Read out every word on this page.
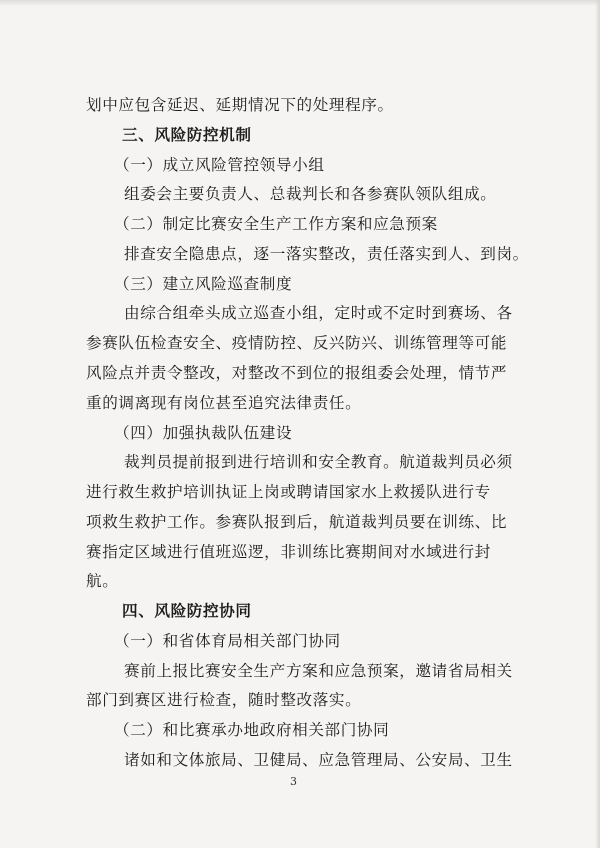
划中应包含延迟、延期情况下的处理程序。
三、风险防控机制
（一）成立风险管控领导小组
组委会主要负责人、总裁判长和各参赛队领队组成。
（二）制定比赛安全生产工作方案和应急预案
排查安全隐患点，逐一落实整改，责任落实到人、到岗。
（三）建立风险巡查制度
由综合组牵头成立巡查小组，定时或不定时到赛场、各
参赛队伍检查安全、疫情防控、反兴防兴、训练管理等可能
风险点并责令整改，对整改不到位的报组委会处理，情节严
重的调离现有岗位甚至追究法律责任。
（四）加强执裁队伍建设
裁判员提前报到进行培训和安全教育。航道裁判员必须
进行救生救护培训执证上岗或聘请国家水上救援队进行专
项救生救护工作。参赛队报到后，航道裁判员要在训练、比
赛指定区域进行值班巡逻，非训练比赛期间对水域进行封
航。
四、风险防控协同
（一）和省体育局相关部门协同
赛前上报比赛安全生产方案和应急预案，邀请省局相关
部门到赛区进行检查，随时整改落实。
（二）和比赛承办地政府相关部门协同
诸如和文体旅局、卫健局、应急管理局、公安局、卫生
3
